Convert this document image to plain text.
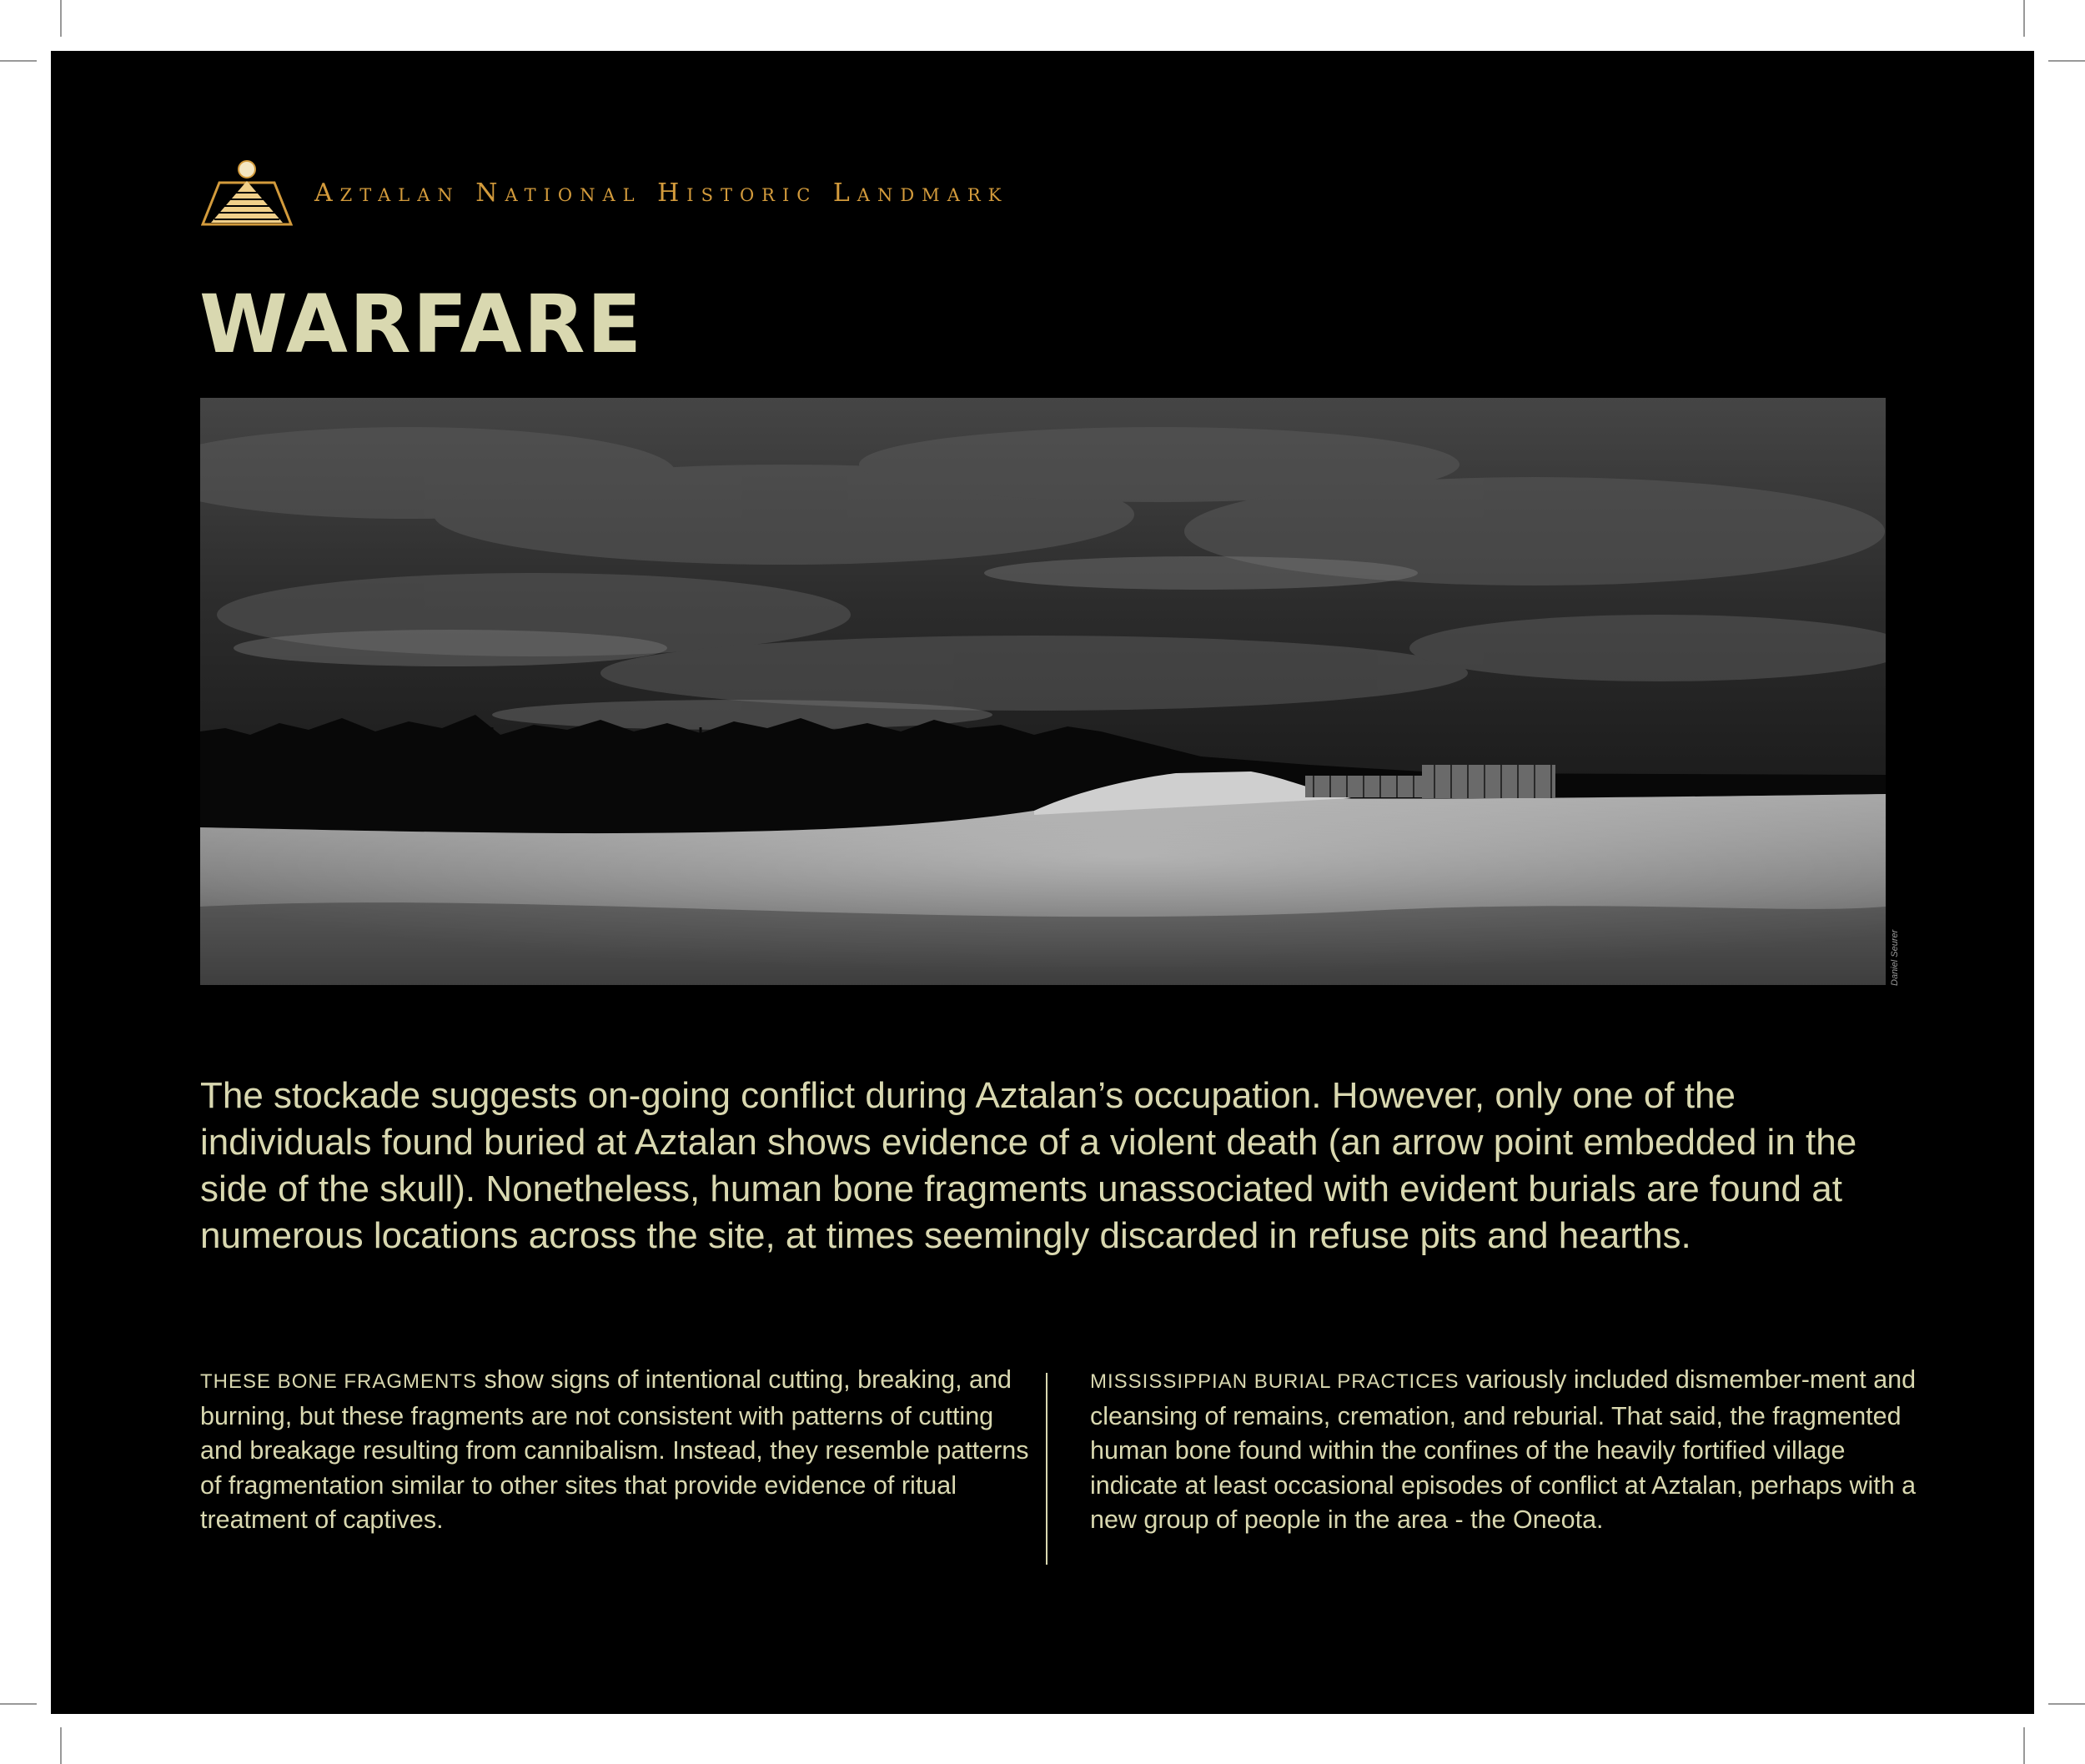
Aztalan National Historic Landmark
WARFARE
Daniel Seurer

The stockade suggests on-going conflict during Aztalan’s occupation. However, only one of the individuals found buried at Aztalan shows evidence of a violent death (an arrow point embedded in the side of the skull). Nonetheless, human bone fragments unassociated with evident burials are found at numerous locations across the site, at times seemingly discarded in refuse pits and hearths.

THESE BONE FRAGMENTS show signs of intentional cutting, breaking, and burning, but these fragments are not consistent with patterns of cutting and breakage resulting from cannibalism. Instead, they resemble patterns of fragmentation similar to other sites that provide evidence of ritual treatment of captives.

MISSISSIPPIAN BURIAL PRACTICES variously included dismember-ment and cleansing of remains, cremation, and reburial. That said, the fragmented human bone found within the confines of the heavily fortified village indicate at least occasional episodes of conflict at Aztalan, perhaps with a new group of people in the area - the Oneota.
